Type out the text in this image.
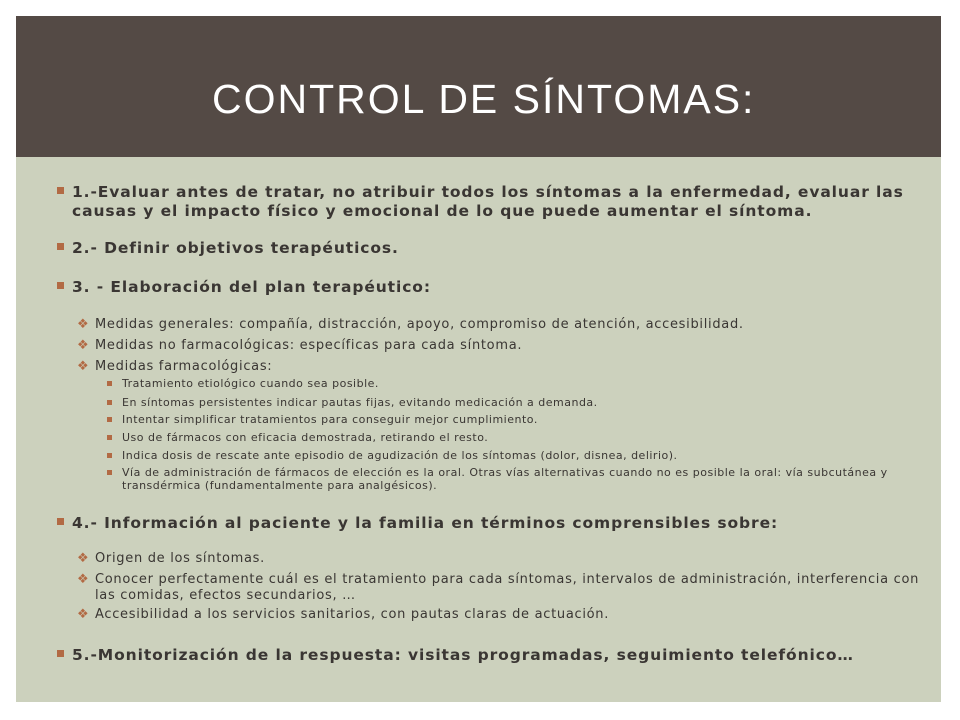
CONTROL DE SÍNTOMAS:
1.-Evaluar antes de tratar, no atribuir todos los síntomas a la enfermedad, evaluar las causas y el impacto físico y emocional de lo que puede aumentar el síntoma.
2.- Definir objetivos terapéuticos.
3. - Elaboración del plan terapéutico:
❖ Medidas generales: compañía, distracción, apoyo, compromiso de atención, accesibilidad.
❖ Medidas no farmacológicas: específicas para cada síntoma.
❖ Medidas farmacológicas:
Tratamiento etiológico cuando sea posible.
En síntomas persistentes indicar pautas fijas, evitando medicación a demanda.
Intentar simplificar tratamientos para conseguir mejor cumplimiento.
Uso de fármacos con eficacia demostrada, retirando el resto.
Indica dosis de rescate ante episodio de agudización de los síntomas (dolor, disnea, delirio).
Vía de administración de fármacos de elección es la oral. Otras vías alternativas cuando no es posible la oral: vía subcutánea y transdérmica (fundamentalmente para analgésicos).
4.- Información al paciente y la familia en términos comprensibles sobre:
❖ Origen de los síntomas.
❖ Conocer perfectamente cuál es el tratamiento para cada síntomas, intervalos de administración, interferencia con las comidas, efectos secundarios, …
❖ Accesibilidad a los servicios sanitarios, con pautas claras de actuación.
5.-Monitorización de la respuesta: visitas programadas, seguimiento telefónico…
